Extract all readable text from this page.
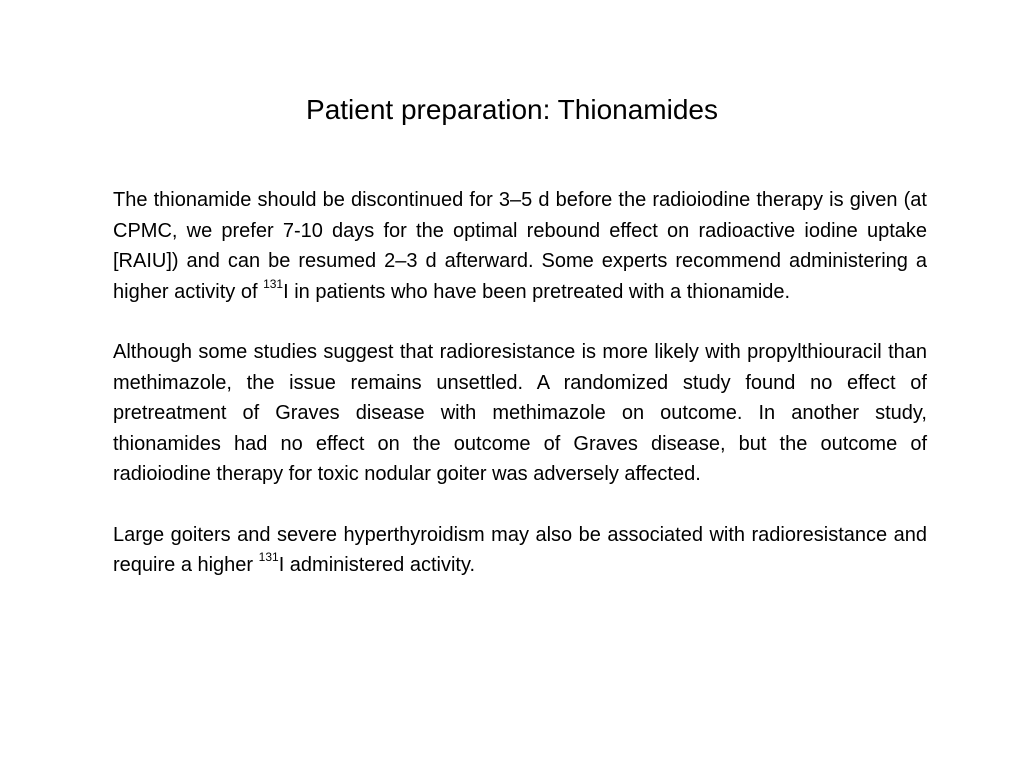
Patient preparation: Thionamides

The thionamide should be discontinued for 3–5 d before the radioiodine therapy is given (at CPMC, we prefer 7-10 days for the optimal rebound effect on radioactive iodine uptake [RAIU]) and can be resumed 2–3 d afterward. Some experts recommend administering a higher activity of $^{131}$I in patients who have been pretreated with a thionamide.

Although some studies suggest that radioresistance is more likely with propylthiouracil than methimazole, the issue remains unsettled. A randomized study found no effect of pretreatment of Graves disease with methimazole on outcome. In another study, thionamides had no effect on the outcome of Graves disease, but the outcome of radioiodine therapy for toxic nodular goiter was adversely affected.

Large goiters and severe hyperthyroidism may also be associated with radioresistance and require a higher $^{131}$I administered activity.
